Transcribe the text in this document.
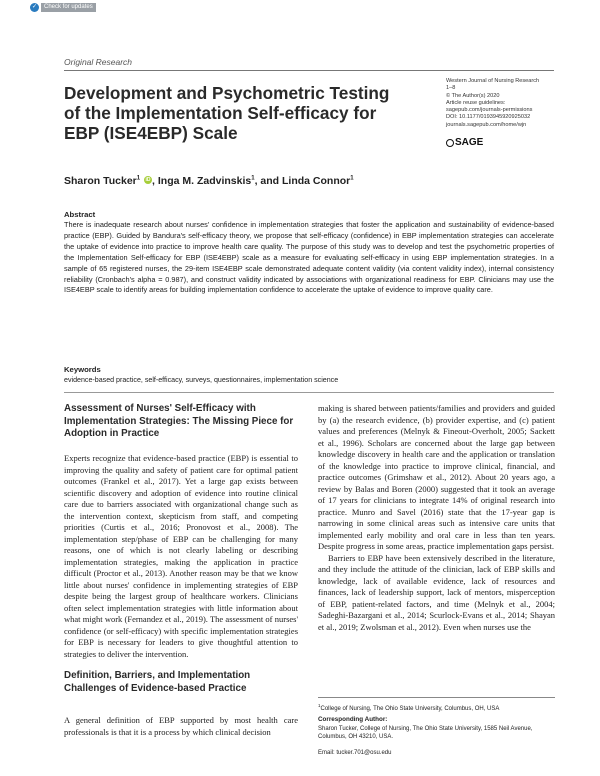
✓	Check for updates
Original Research
Development and Psychometric Testing of the Implementation Self-efficacy for EBP (ISE4EBP) Scale
Western Journal of Nursing Research
1–8
© The Author(s) 2020
Article reuse guidelines:
sagepub.com/journals-permissions
DOI: 10.1177/0193945920925032
journals.sagepub.com/home/wjn
SAGE
Sharon Tucker$^1$ iD , Inga M. Zadvinskis$^1$, and Linda Connor$^1$
Abstract
There is inadequate research about nurses' confidence in implementation strategies that foster the application and sustainability of evidence-based practice (EBP). Guided by Bandura's self-efficacy theory, we propose that self-efficacy (confidence) in EBP implementation strategies can accelerate the uptake of evidence into practice to improve health care quality. The purpose of this study was to develop and test the psychometric properties of the Implementation Self-efficacy for EBP (ISE4EBP) scale as a measure for evaluating self-efficacy in using EBP implementation strategies. In a sample of 65 registered nurses, the 29-item ISE4EBP scale demonstrated adequate content validity (via content validity index), internal consistency reliability (Cronbach's alpha = 0.987), and construct validity indicated by associations with organizational readiness for EBP. Clinicians may use the ISE4EBP scale to identify areas for building implementation confidence to accelerate the uptake of evidence to improve quality care.
Keywords
evidence-based practice, self-efficacy, surveys, questionnaires, implementation science
Assessment of Nurses' Self-Efficacy with Implementation Strategies: The Missing Piece for Adoption in Practice
Experts recognize that evidence-based practice (EBP) is essential to improving the quality and safety of patient care for optimal patient outcomes (Frankel et al., 2017). Yet a large gap exists between scientific discovery and adoption of evidence into routine clinical care due to barriers associated with organizational change such as the intervention context, skepticism from staff, and competing priorities (Curtis et al., 2016; Pronovost et al., 2008). The implementation step/phase of EBP can be challenging for many reasons, one of which is not clearly labeling or describing implementation strategies, making the application in practice difficult (Proctor et al., 2013). Another reason may be that we know little about nurses' confidence in implementing strategies of EBP despite being the largest group of healthcare workers. Clinicians often select implementation strategies with little information about what might work (Fernandez et al., 2019). The assessment of nurses' confidence (or self-efficacy) with specific implementation strategies for EBP is necessary for leaders to give thoughtful attention to strategies to deliver the intervention.
Definition, Barriers, and Implementation Challenges of Evidence-based Practice
A general definition of EBP supported by most health care professionals is that it is a process by which clinical decision

making is shared between patients/families and providers and guided by (a) the research evidence, (b) provider expertise, and (c) patient values and preferences (Melnyk & Fineout-Overholt, 2005; Sackett et al., 1996). Scholars are concerned about the large gap between knowledge discovery in health care and the application or translation of the knowledge into practice to improve clinical, financial, and practice outcomes (Grimshaw et al., 2012). About 20 years ago, a review by Balas and Boren (2000) suggested that it took an average of 17 years for clinicians to integrate 14% of original research into practice. Munro and Savel (2016) state that the 17-year gap is narrowing in some clinical areas such as intensive care units that implemented early mobility and oral care in less than ten years. Despite progress in some areas, practice implementation gaps persist.

Barriers to EBP have been extensively described in the literature, and they include the attitude of the clinician, lack of EBP skills and knowledge, lack of available evidence, lack of resources and finances, lack of leadership support, lack of mentors, misperception of EBP, patient-related factors, and time (Melnyk et al., 2004; Sadeghi-Bazargani et al., 2014; Scurlock-Evans et al., 2014; Shayan et al., 2019; Zwolsman et al., 2012). Even when nurses use the

$^1$College of Nursing, The Ohio State University, Columbus, OH, USA
Corresponding Author:
Sharon Tucker, College of Nursing, The Ohio State University, 1585 Neil Avenue, Columbus, OH 43210, USA.
Email: tucker.701@osu.edu
